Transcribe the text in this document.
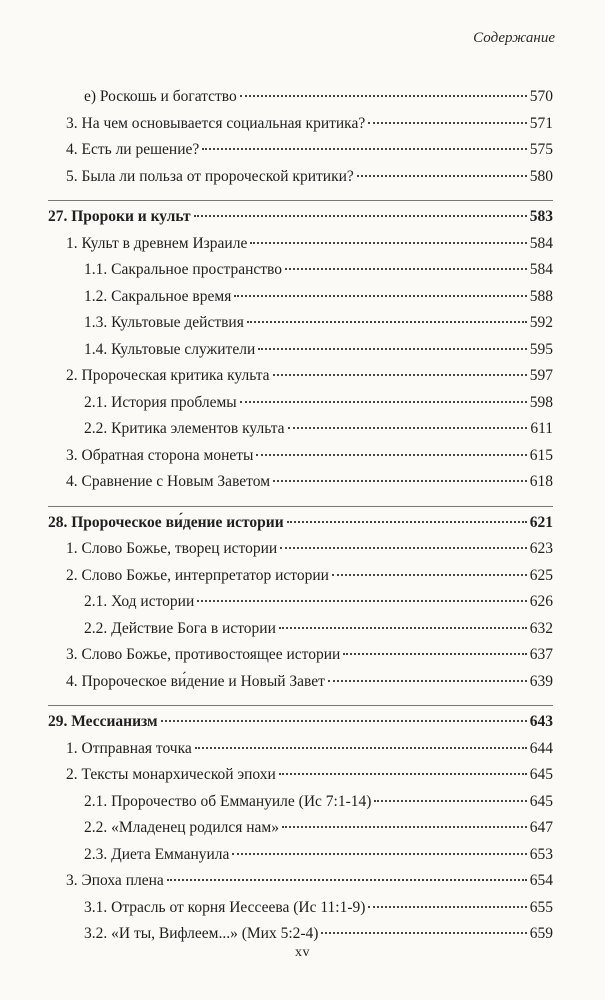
Содержание
е) Роскошь и богатство	570
3. На чем основывается социальная критика?	571
4. Есть ли решение?	575
5. Была ли польза от пророческой критики?	580
27. Пророки и культ	583
1. Культ в древнем Израиле	584
1.1. Сакральное пространство	584
1.2. Сакральное время	588
1.3. Культовые действия	592
1.4. Культовые служители	595
2. Пророческая критика культа	597
2.1. История проблемы	598
2.2. Критика элементов культа	611
3. Обратная сторона монеты	615
4. Сравнение с Новым Заветом	618
28. Пророческое ви́дение истории	621
1. Слово Божье, творец истории	623
2. Слово Божье, интерпретатор истории	625
2.1. Ход истории	626
2.2. Действие Бога в истории	632
3. Слово Божье, противостоящее истории	637
4. Пророческое ви́дение и Новый Завет	639
29. Мессианизм	643
1. Отправная точка	644
2. Тексты монархической эпохи	645
2.1. Пророчество об Еммануиле (Ис 7:1-14)	645
2.2. «Младенец родился нам»	647
2.3. Диета Еммануила	653
3. Эпоха плена	654
3.1. Отрасль от корня Иессеева (Ис 11:1-9)	655
3.2. «И ты, Вифлеем...» (Мих 5:2-4)	659
xv
